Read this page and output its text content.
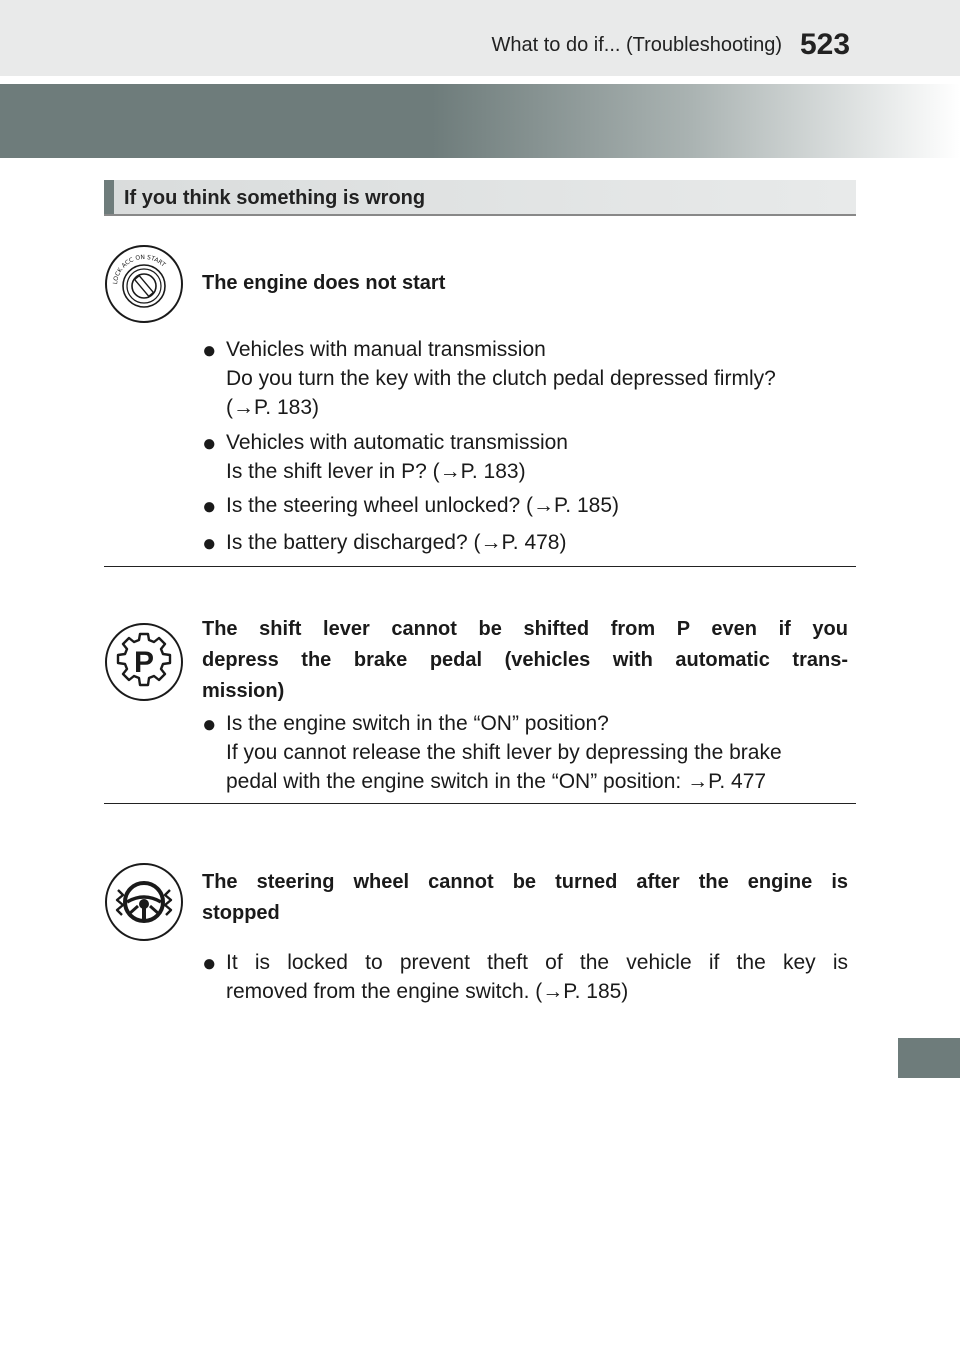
What to do if... (Troubleshooting) 523
If you think something is wrong
LOCK ACC ON START
The engine does not start
● Vehicles with manual transmission
Do you turn the key with the clutch pedal depressed firmly?
(→P. 183)
● Vehicles with automatic transmission
Is the shift lever in P? (→P. 183)
● Is the steering wheel unlocked? (→P. 185)
● Is the battery discharged? (→P. 478)
P
The shift lever cannot be shifted from P even if you
depress the brake pedal (vehicles with automatic trans-
mission)
● Is the engine switch in the “ON” position?
If you cannot release the shift lever by depressing the brake
pedal with the engine switch in the “ON” position: →P. 477
The steering wheel cannot be turned after the engine is
stopped
● It is locked to prevent theft of the vehicle if the key is
removed from the engine switch. (→P. 185)
